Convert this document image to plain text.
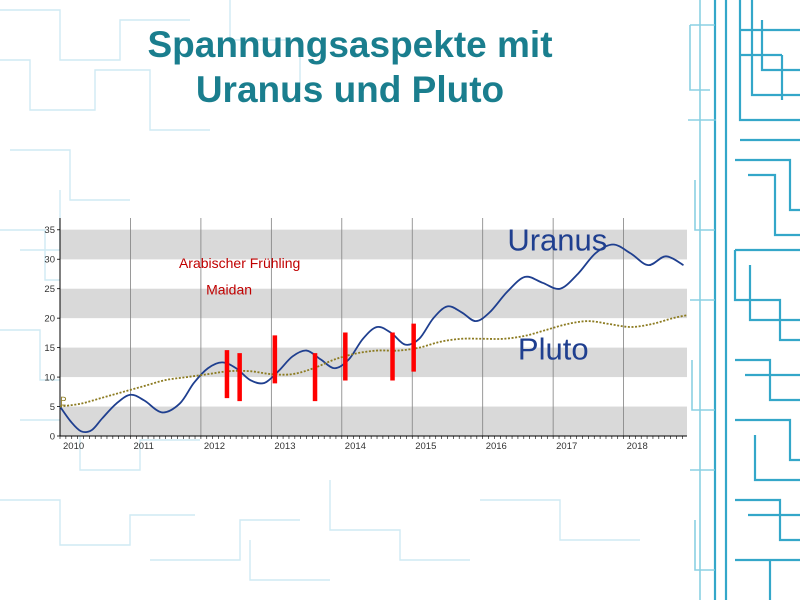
Spannungsaspekte mit
Uranus und Pluto
0
5
10
15
20
25
30
35
2010	2011	2012	2013	2014	2015	2016	2017	2018
Arabischer Frühling
Maidan
♇
Uranus
Pluto
